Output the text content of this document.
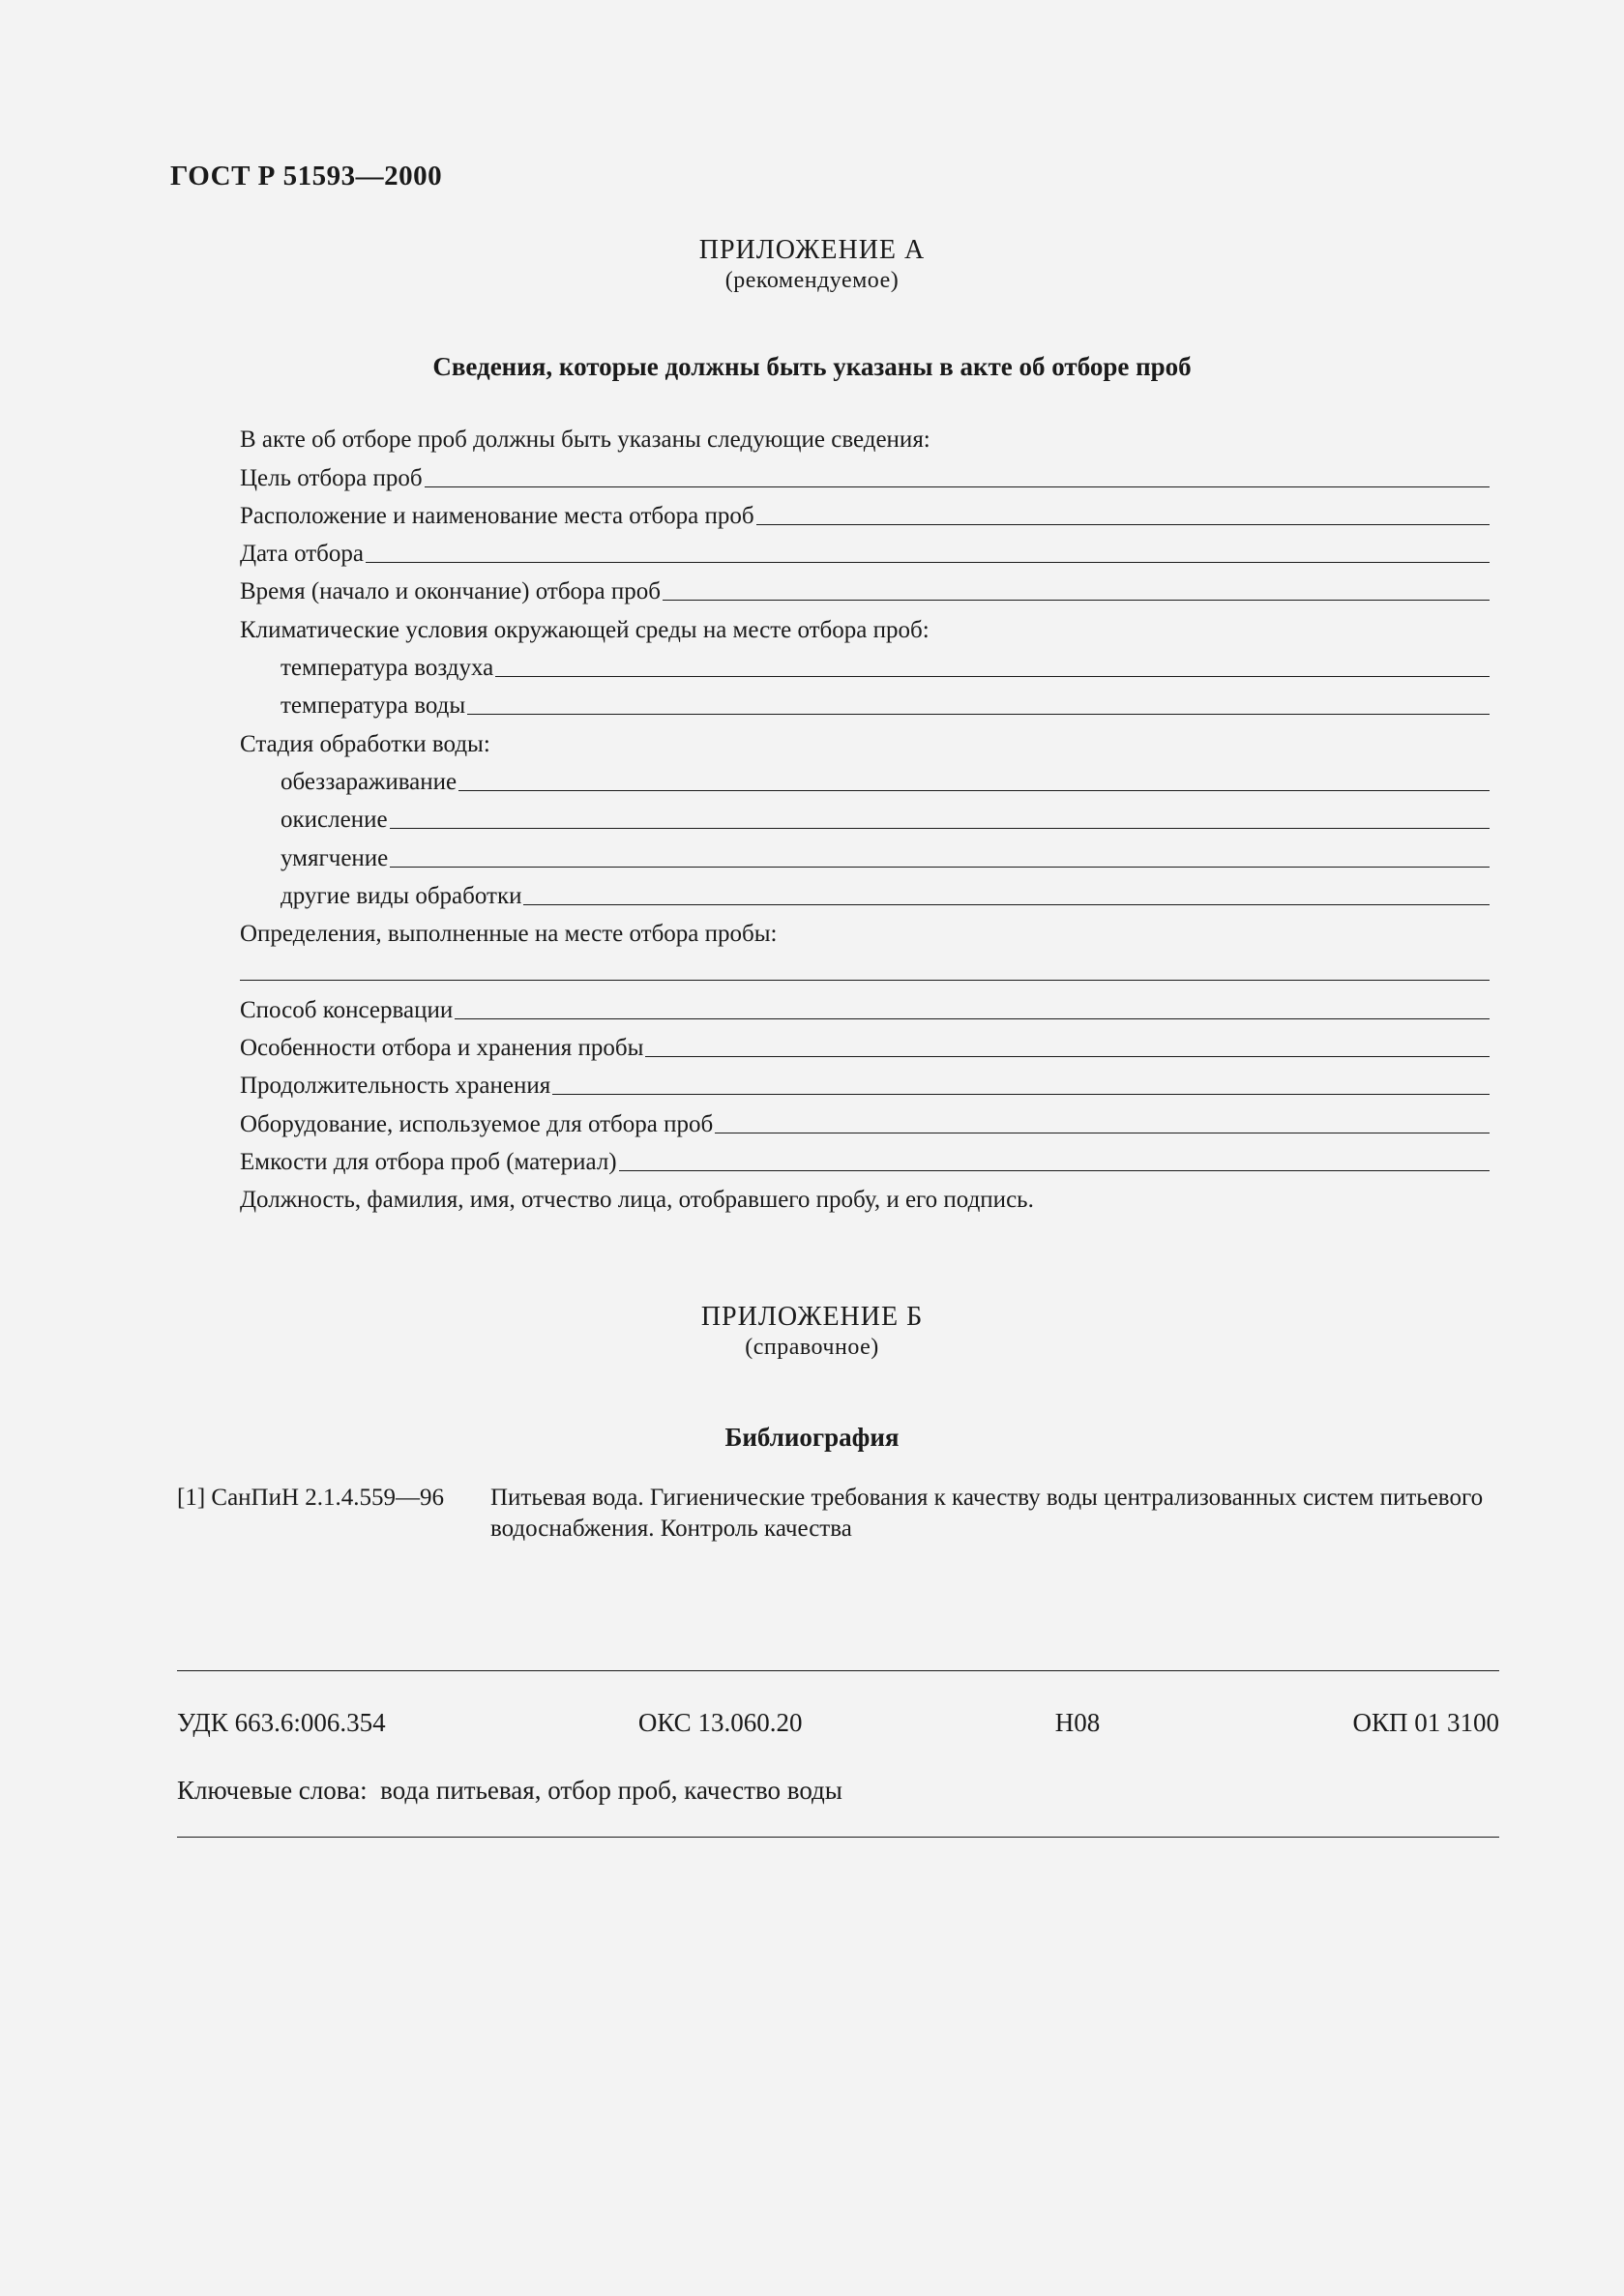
ГОСТ Р 51593—2000
ПРИЛОЖЕНИЕ А
(рекомендуемое)
Сведения, которые должны быть указаны в акте об отборе проб
В акте об отборе проб должны быть указаны следующие сведения:
Цель отбора проб
Расположение и наименование места отбора проб
Дата отбора
Время (начало и окончание) отбора проб
Климатические условия окружающей среды на месте отбора проб:
температура воздуха
температура воды
Стадия обработки воды:
обеззараживание
окисление
умягчение
другие виды обработки
Определения, выполненные на месте отбора пробы:
Способ консервации
Особенности отбора и хранения пробы
Продолжительность хранения
Оборудование, используемое для отбора проб
Емкости для отбора проб (материал)
Должность, фамилия, имя, отчество лица, отобравшего пробу, и его подпись.
ПРИЛОЖЕНИЕ Б
(справочное)
Библиография
[1] СанПиН 2.1.4.559—96	Питьевая вода. Гигиенические требования к качеству воды централизованных систем питьевого водоснабжения. Контроль качества
УДК 663.6:006.354	ОКС 13.060.20	Н08	ОКП 01 3100
Ключевые слова:  вода питьевая, отбор проб, качество воды
